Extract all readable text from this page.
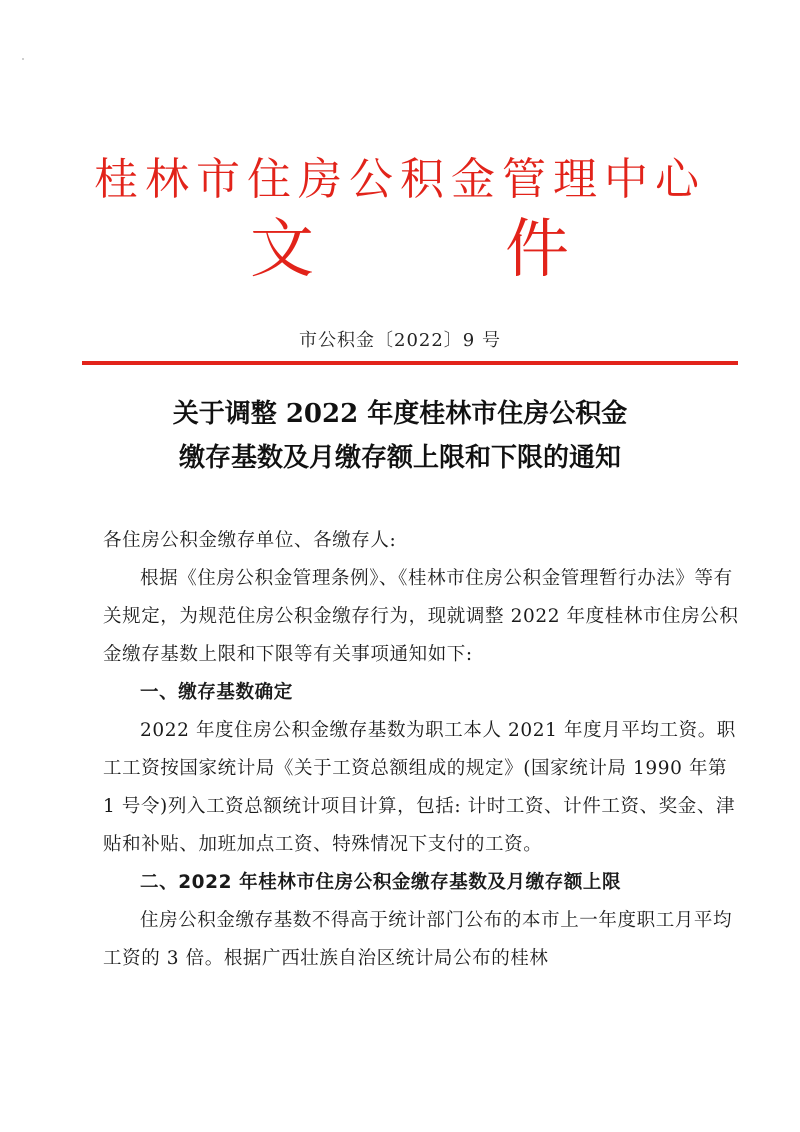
桂林市住房公积金管理中心
文	件
市公积金〔2022〕9 号
关于调整 2022 年度桂林市住房公积金
缴存基数及月缴存额上限和下限的通知

各住房公积金缴存单位、各缴存人:

根据《住房公积金管理条例》、《桂林市住房公积金管理暂行办法》等有关规定，为规范住房公积金缴存行为，现就调整 2022 年度桂林市住房公积金缴存基数上限和下限等有关事项通知如下:

一、缴存基数确定

2022 年度住房公积金缴存基数为职工本人 2021 年度月平均工资。职工工资按国家统计局《关于工资总额组成的规定》(国家统计局 1990 年第 1 号令)列入工资总额统计项目计算，包括: 计时工资、计件工资、奖金、津贴和补贴、加班加点工资、特殊情况下支付的工资。

二、2022 年桂林市住房公积金缴存基数及月缴存额上限

住房公积金缴存基数不得高于统计部门公布的本市上一年度职工月平均工资的 3 倍。根据广西壮族自治区统计局公布的桂林
